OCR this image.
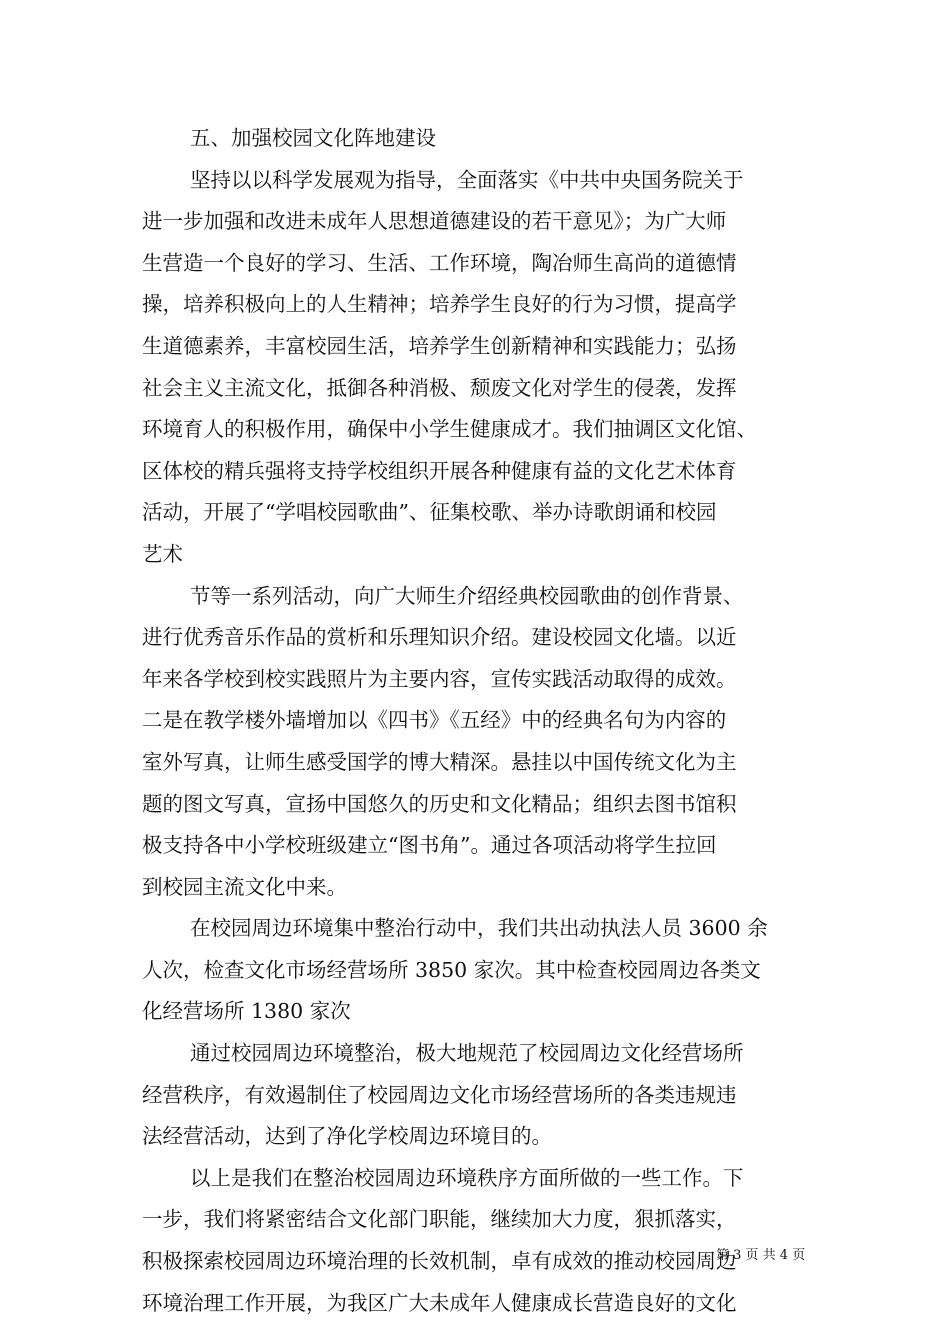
五、加强校园文化阵地建设
坚持以以科学发展观为指导，全面落实《中共中央国务院关于
进一步加强和改进未成年人思想道德建设的若干意见》；为广大师
生营造一个良好的学习、生活、工作环境，陶冶师生高尚的道德情
操，培养积极向上的人生精神；培养学生良好的行为习惯，提高学
生道德素养，丰富校园生活，培养学生创新精神和实践能力；弘扬
社会主义主流文化，抵御各种消极、颓废文化对学生的侵袭，发挥
环境育人的积极作用，确保中小学生健康成才。我们抽调区文化馆、
区体校的精兵强将支持学校组织开展各种健康有益的文化艺术体育
活动，开展了“学唱校园歌曲”、征集校歌、举办诗歌朗诵和校园
艺术
节等一系列活动，向广大师生介绍经典校园歌曲的创作背景、
进行优秀音乐作品的赏析和乐理知识介绍。建设校园文化墙。以近
年来各学校到校实践照片为主要内容，宣传实践活动取得的成效。
二是在教学楼外墙增加以《四书》《五经》中的经典名句为内容的
室外写真，让师生感受国学的博大精深。悬挂以中国传统文化为主
题的图文写真，宣扬中国悠久的历史和文化精品；组织去图书馆积
极支持各中小学校班级建立“图书角”。通过各项活动将学生拉回
到校园主流文化中来。
在校园周边环境集中整治行动中，我们共出动执法人员 3600 余
人次，检查文化市场经营场所 3850 家次。其中检查校园周边各类文
化经营场所 1380 家次
通过校园周边环境整治，极大地规范了校园周边文化经营场所
经营秩序，有效遏制住了校园周边文化市场经营场所的各类违规违
法经营活动，达到了净化学校周边环境目的。
以上是我们在整治校园周边环境秩序方面所做的一些工作。下
一步，我们将紧密结合文化部门职能，继续加大力度，狠抓落实，
积极探索校园周边环境治理的长效机制，卓有成效的推动校园周边
环境治理工作开展，为我区广大未成年人健康成长营造良好的文化
第 3 页 共 4 页
